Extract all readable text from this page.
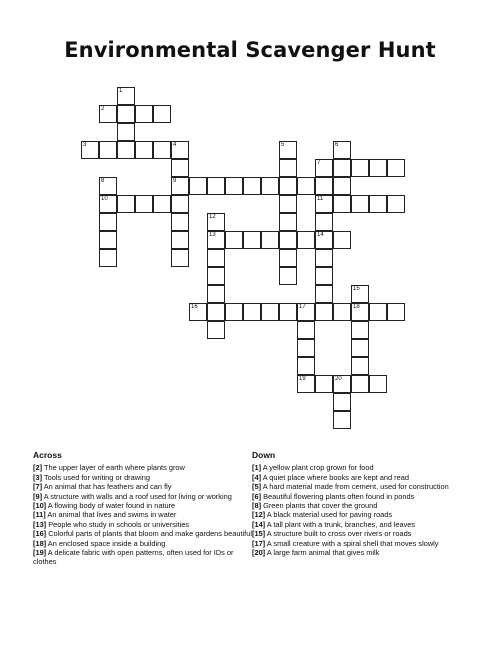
Environmental Scavenger Hunt
1
2
3	4	5	6
7
8	9
10	11
12
13	14
15
16	17	18
19	20
Across
[2] The upper layer of earth where plants grow
[3] Tools used for writing or drawing
[7] An animal that has feathers and can fly
[9] A structure with walls and a roof used for living or working
[10] A flowing body of water found in nature
[11] An animal that lives and swims in water
[13] People who study in schools or universities
[16] Colorful parts of plants that bloom and make gardens beautiful
[18] An enclosed space inside a building
[19] A delicate fabric with open patterns, often used for IDs or clothes
Down
[1] A yellow plant crop grown for food
[4] A quiet place where books are kept and read
[5] A hard material made from cement, used for construction
[6] Beautiful flowering plants often found in ponds
[8] Green plants that cover the ground
[12] A black material used for paving roads
[14] A tall plant with a trunk, branches, and leaves
[15] A structure built to cross over rivers or roads
[17] A small creature with a spiral shell that moves slowly
[20] A large farm animal that gives milk
